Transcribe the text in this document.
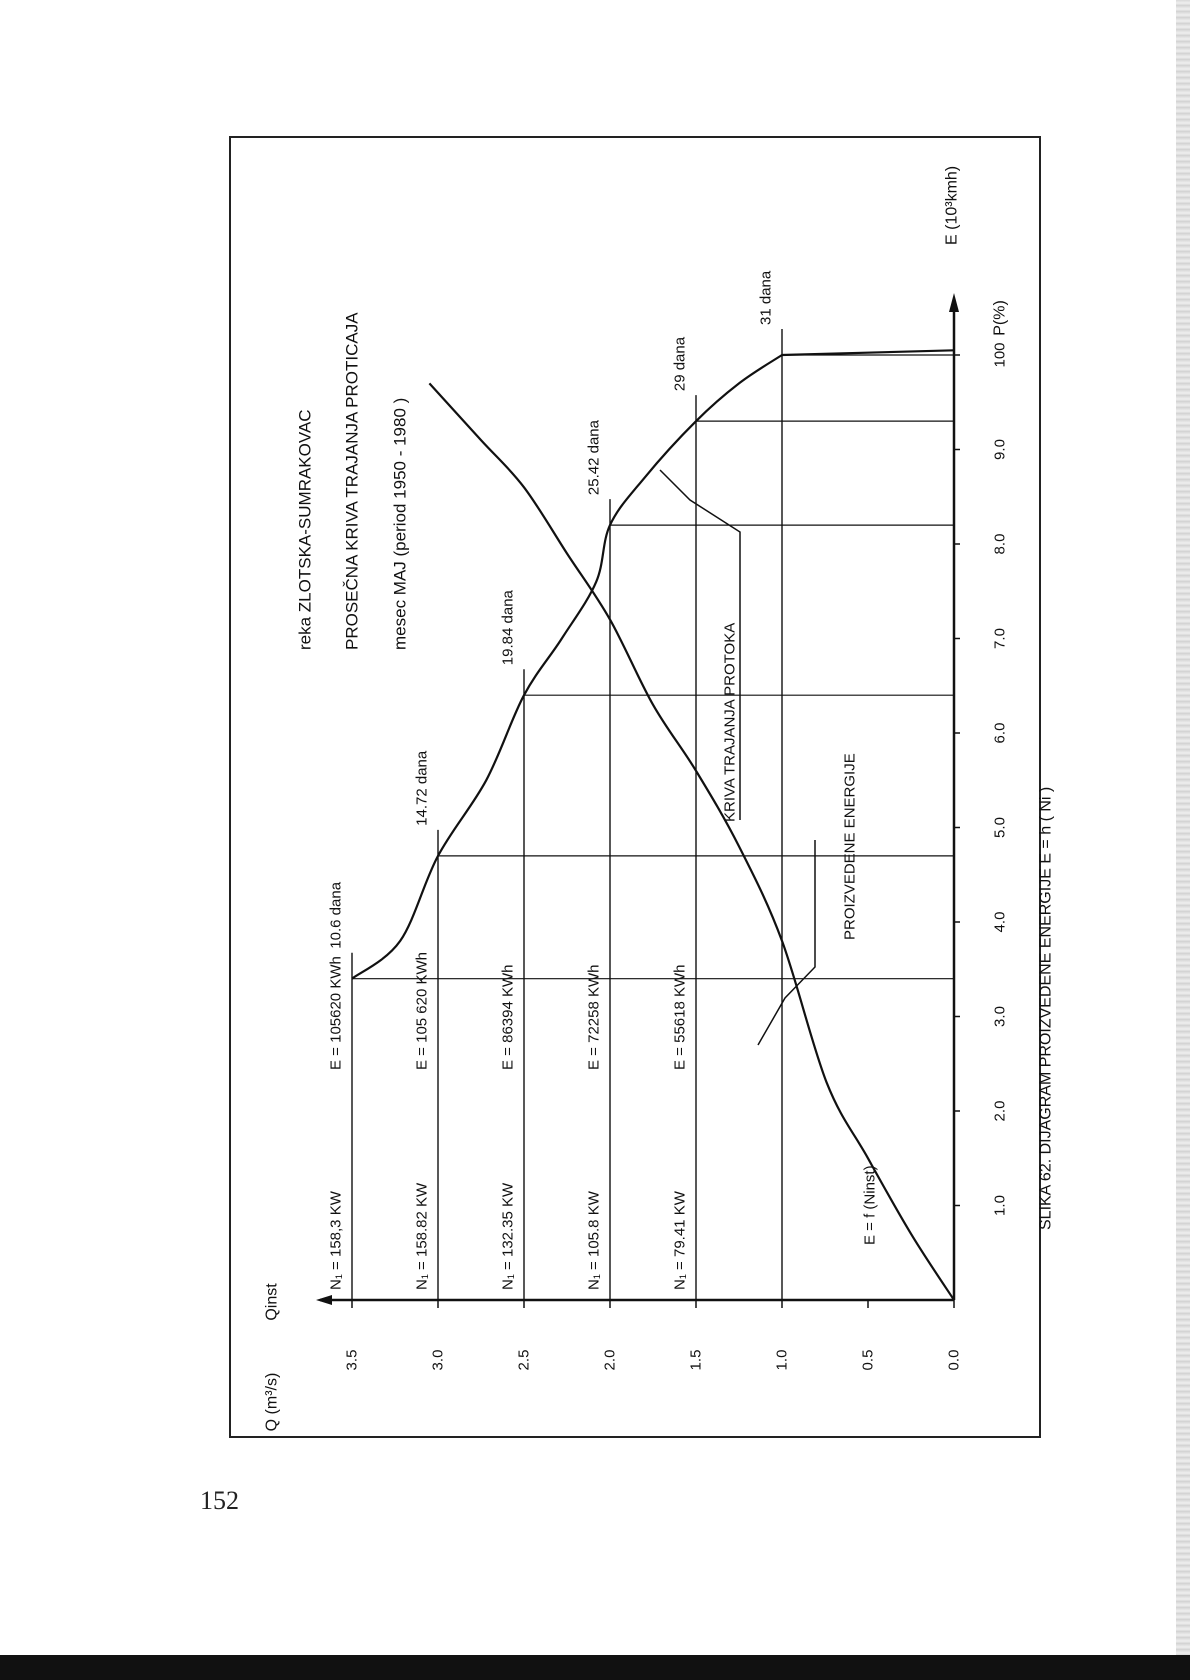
0.0
0.5
1.0
1.5
2.0
2.5
3.0
3.5
Q (m³/s)
Qinst
1.0
2.0
3.0
4.0
5.0
6.0
7.0
8.0
9.0
100
P(%)
E (10³kmh)
10.6 dana
N₁ = 158,3 KW
E = 105620 KWh
14.72 dana
N₁ = 158.82 KW
E = 105 620 KWh
19.84 dana
N₁ = 132.35 KW
E = 86394 KWh
25.42 dana
N₁ = 105.8 KW
E = 72258 KWh
29 dana
N₁ = 79.41 KW
E = 55618 KWh
31 dana
reka ZLOTSKA-SUMRAKOVAC PROSEČNA KRIVA TRAJANJA PROTICAJA mesec MAJ (period 1950 - 1980 )
KRIVA TRAJANJA PROTOKA
PROIZVEDENE ENERGIJE
E = f (Ninst)	SLIKA 62. DIJAGRAM PROIZVEDENE ENERGIJE E = h ( Ni )
152
